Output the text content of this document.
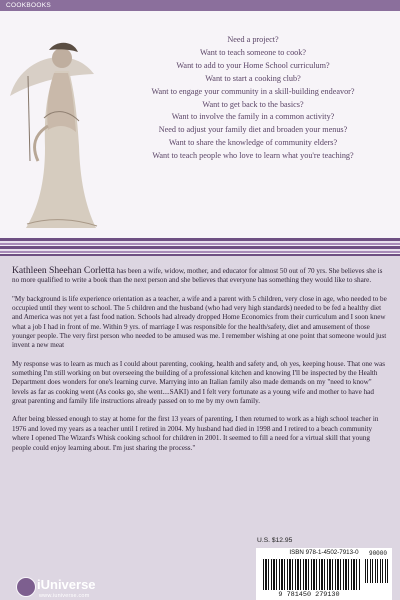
COOKBOOKS
Need a project?
Want to teach someone to cook?
Want to add to your Home School curriculum?
Want to start a cooking club?
Want to engage your community in a skill-building endeavor?
Want to get back to the basics?
Want to involve the family in a common activity?
Need to adjust your family diet and broaden your menus?
Want to share the knowledge of community elders?
Want to teach people who love to learn what you're teaching?

Kathleen Sheehan Corletta has been a wife, widow, mother, and educator for almost 50 out of 70 yrs. She believes she is no more qualified to write a book than the next person and she believes that everyone has something they would like to share.

"My background is life experience orientation as a teacher, a wife and a parent with 5 children, very close in age, who needed to be occupied until they went to school. The 5 children and the husband (who had very high standards) needed to be fed a healthy diet and America was not yet a fast food nation. Schools had already dropped Home Economics from their curriculum and I soon knew what a job I had in front of me. Within 9 yrs. of marriage I was responsible for the health/safety, diet and amusement of those younger people. The very first person who needed to be amused was me. I remember wishing at one point that someone would just invent a new meat

My response was to learn as much as I could about parenting, cooking, health and safety and, oh yes, keeping house. That one was something I'm still working on but overseeing the building of a professional kitchen and knowing I'll be inspected by the Health Department does wonders for one's learning curve. Marrying into an Italian family also made demands on my "need to know" levels as far as cooking went (As cooks go, she went....SAKI) and I felt very fortunate as a young wife and mother to have had great parenting and family life instructions already passed on to me by my own family.

After being blessed enough to stay at home for the first 13 years of parenting, I then returned to work as a high school teacher in 1976 and loved my years as a teacher until I retired in 2004. My husband had died in 1998 and I retired to a beach community where I opened The Wizard's Whisk cooking school for children in 2001. It seemed to fill a need for a virtual skill that young people could enjoy learning about. I'm just sharing the process."

iUniverse
www.iuniverse.com
U.S. $12.95
ISBN 978-1-4502-7913-0
9 781450 279130
90000
